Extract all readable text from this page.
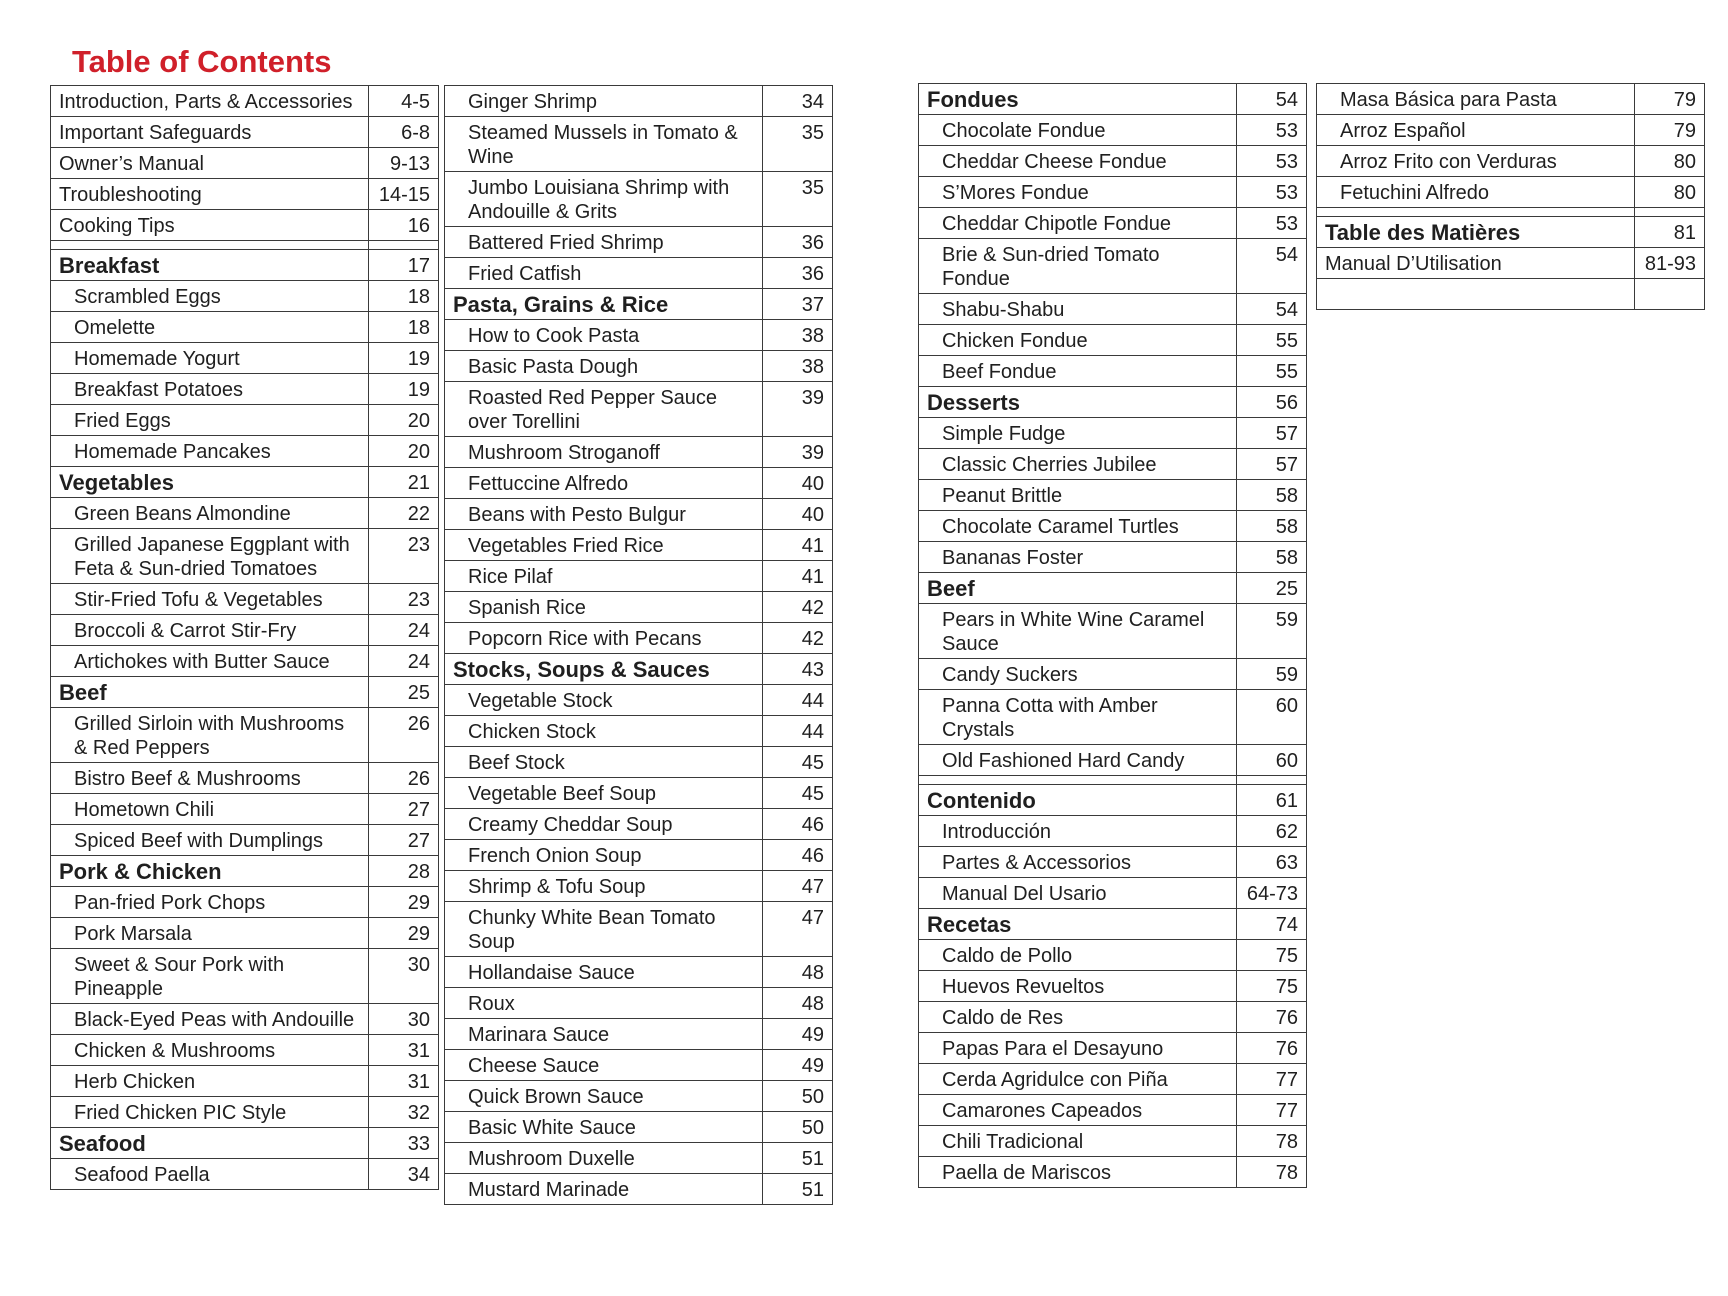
Table of Contents
Introduction, Parts & Accessories	4-5
Important Safeguards	6-8
Owner’s Manual	9-13
Troubleshooting	14-15
Cooking Tips	16

Breakfast	17
Scrambled Eggs	18
Omelette	18
Homemade Yogurt	19
Breakfast Potatoes	19
Fried Eggs	20
Homemade Pancakes	20
Vegetables	21
Green Beans Almondine	22
Grilled Japanese Eggplant with Feta & Sun-dried Tomatoes	23
Stir-Fried Tofu & Vegetables	23
Broccoli & Carrot Stir-Fry	24
Artichokes with Butter Sauce	24
Beef	25
Grilled Sirloin with Mushrooms & Red Peppers	26
Bistro Beef & Mushrooms	26
Hometown Chili	27
Spiced Beef with Dumplings	27
Pork & Chicken	28
Pan-fried Pork Chops	29
Pork Marsala	29
Sweet & Sour Pork with Pineapple	30
Black-Eyed Peas with Andouille	30
Chicken & Mushrooms	31
Herb Chicken	31
Fried Chicken PIC Style	32
Seafood	33
Seafood Paella	34
Ginger Shrimp	34
Steamed Mussels in Tomato & Wine	35
Jumbo Louisiana Shrimp with Andouille & Grits	35
Battered Fried Shrimp	36
Fried Catfish	36
Pasta, Grains & Rice	37
How to Cook Pasta	38
Basic Pasta Dough	38
Roasted Red Pepper Sauce over Torellini	39
Mushroom Stroganoff	39
Fettuccine Alfredo	40
Beans with Pesto Bulgur	40
Vegetables Fried Rice	41
Rice Pilaf	41
Spanish Rice	42
Popcorn Rice with Pecans	42
Stocks, Soups & Sauces	43
Vegetable Stock	44
Chicken Stock	44
Beef Stock	45
Vegetable Beef Soup	45
Creamy Cheddar Soup	46
French Onion Soup	46
Shrimp & Tofu Soup	47
Chunky White Bean Tomato Soup	47
Hollandaise Sauce	48
Roux	48
Marinara Sauce	49
Cheese Sauce	49
Quick Brown Sauce	50
Basic White Sauce	50
Mushroom Duxelle	51
Mustard Marinade	51
Fondues	54
Chocolate Fondue	53
Cheddar Cheese Fondue	53
S’Mores Fondue	53
Cheddar Chipotle Fondue	53
Brie & Sun-dried Tomato Fondue	54
Shabu-Shabu	54
Chicken Fondue	55
Beef Fondue	55
Desserts	56
Simple Fudge	57
Classic Cherries Jubilee	57
Peanut Brittle	58
Chocolate Caramel Turtles	58
Bananas Foster	58
Beef	25
Pears in White Wine Caramel Sauce	59
Candy Suckers	59
Panna Cotta with Amber Crystals	60
Old Fashioned Hard Candy	60

Contenido	61
Introducción	62
Partes & Accessorios	63
Manual Del Usario	64-73
Recetas	74
Caldo de Pollo	75
Huevos Revueltos	75
Caldo de Res	76
Papas Para el Desayuno	76
Cerda Agridulce con Piña	77
Camarones Capeados	77
Chili Tradicional	78
Paella de Mariscos	78
Masa Básica para Pasta	79
Arroz Español	79
Arroz Frito con Verduras	80
Fetuchini Alfredo	80

Table des Matières	81
Manual D’Utilisation	81-93
